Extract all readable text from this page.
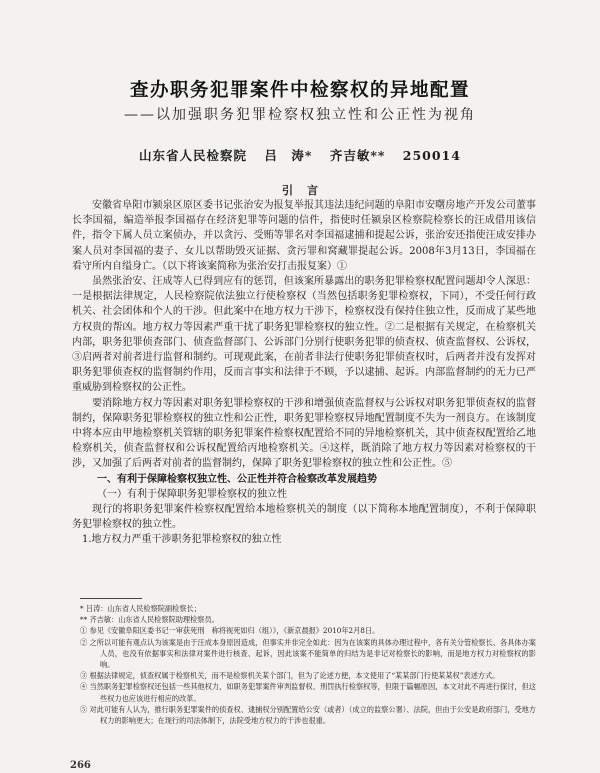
查办职务犯罪案件中检察权的异地配置
——以加强职务犯罪检察权独立性和公正性为视角
山东省人民检察院 吕　涛* 齐吉敏** 250014
引言

安徽省阜阳市颍泉区原区委书记张治安为报复举报其违法违纪问题的阜阳市安曙房地产开发公司董事长李国福，编造举报李国福存在经济犯罪等问题的信件，指使时任颍泉区检察院检察长的汪成借用该信件，指令下属人员立案侦办，并以贪污、受贿等罪名对李国福逮捕和提起公诉，张治安还指使汪成安排办案人员对李国福的妻子、女儿以帮助毁灭证据、贪污罪和窝藏罪提起公诉。2008年3月13日，李国福在看守所内自缢身亡。（以下将该案简称为张治安打击报复案）①

虽然张治安、汪成等人已得到应有的惩罚，但该案所暴露出的职务犯罪检察权配置问题却令人深思：一是根据法律规定，人民检察院依法独立行使检察权（当然包括职务犯罪检察权，下同），不受任何行政机关、社会团体和个人的干涉。但此案中在地方权力干涉下，检察权没有保持住独立性，反而成了某些地方权贵的帮凶。地方权力等因素严重干扰了职务犯罪检察权的独立性。②二是根据有关规定，在检察机关内部，职务犯罪侦查部门、侦查监督部门、公诉部门分别行使职务犯罪的侦查权、侦查监督权、公诉权，③启两者对前者进行监督和制约。可现观此案，在前者非法行使职务犯罪侦查权时，后两者并没有发挥对职务犯罪侦查权的监督制约作用，反而言事实和法律于不顾，予以逮捕、起诉。内部监督制约的无力已严重威胁到检察权的公正性。

要消除地方权力等因素对职务犯罪检察权的干涉和增强侦查监督权与公诉权对职务犯罪侦查权的监督制约，保障职务犯罪检察权的独立性和公正性，职务犯罪检察权异地配置制度不失为一剂良方。在该制度中将本应由甲地检察机关管辖的职务犯罪案件检察权配置给不同的异地检察机关，其中侦查权配置给乙地检察机关，侦查监督权和公诉权配置给丙地检察机关。④这样，既消除了地方权力等因素对检察权的干涉，又加强了后两者对前者的监督制约，保障了职务犯罪检察权的独立性和公正性。⑤

一、有利于保障检察权独立性、公正性并符合检察改革发展趋势

（一）有利于保障职务犯罪检察权的独立性

现行的将职务犯罪案件检察权配置给本地检察机关的制度（以下简称本地配置制度），不利于保障职务犯罪检察权的独立性。

1.地方权力严重干涉职务犯罪检察权的独立性

* 吕涛：山东省人民检察院副检察长；

** 齐吉敏：山东省人民检察院助理检察员。

① 参见《安徽阜阳区委书记一审获死刑　称将视死如归（组）》，《新京晨报》2010年2月8日。

② 之所以可能有观点认为该案是由于汪成本身原因造成，但事实并非完全如此：因为在该案的具体办理过程中，各有关分管检察长、各具体办案人员，也没有依据事实和法律对案件进行核查、起诉，因此该案不能简单的归结为是非记对检察长的影响，而是地方权力对检察权的影响。

③ 根据法律规定，侦查权属于检察机关，而不是检察机关某个部门，但为了论述方便，本文使用了“某某部门行使某某权”表述方式。

④ 当然职务犯罪检察权还包括一些其他权力，如职务犯罪案件审判监督权、刑罚执行检察权等，但限于篇幅原因，本文对此不再进行探讨，但这些权力也应该进行相应的改革。

⑤ 对此可能有人认为，推行职务犯罪案件的侦查权、逮捕权分别配置给公安（或者）（成立的监察公署）、法院，但由于公安是政府部门，受地方权力的影响更大；在现行的司法体制下，法院受地方权力的干涉也很重。

266
